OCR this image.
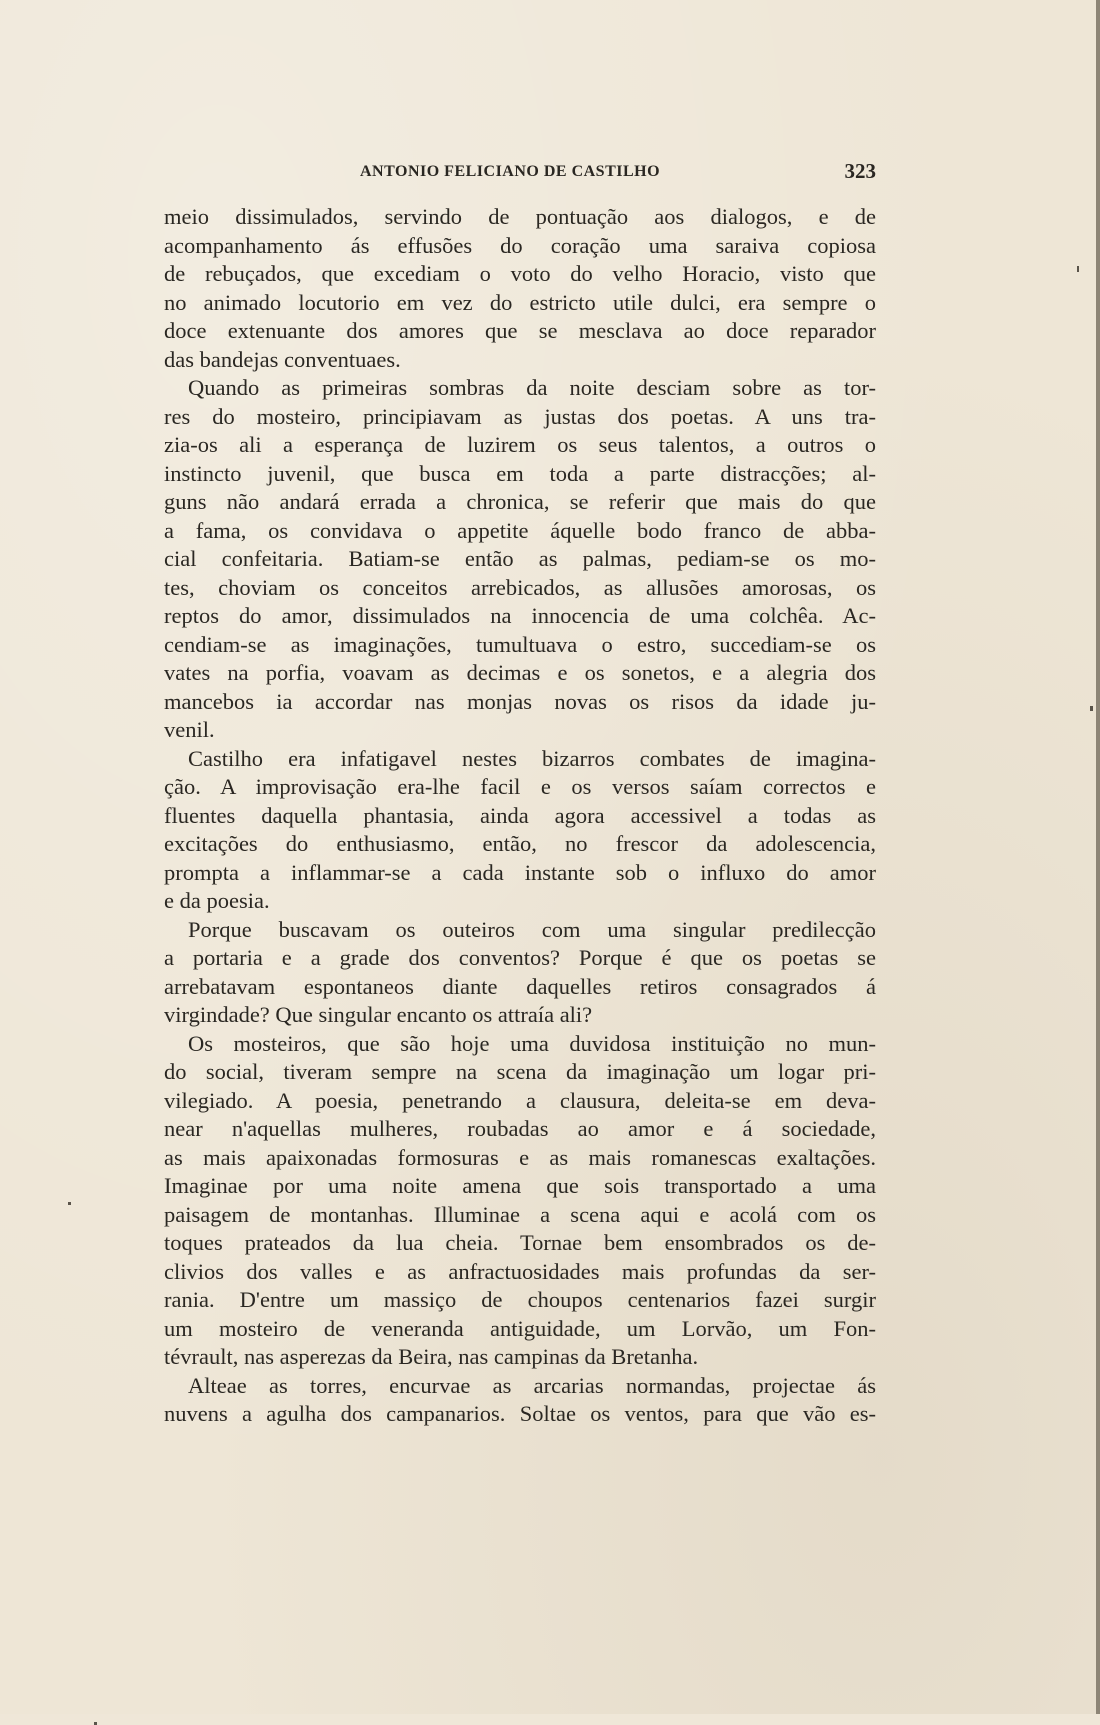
ANTONIO FELICIANO DE CASTILHO	323
meio dissimulados, servindo de pontuação aos dialogos, e de
acompanhamento ás effusões do coração uma saraiva copiosa
de rebuçados, que excediam o voto do velho Horacio, visto que
no animado locutorio em vez do estricto utile dulci, era sempre o
doce extenuante dos amores que se mesclava ao doce reparador
das bandejas conventuaes.
Quando as primeiras sombras da noite desciam sobre as tor-
res do mosteiro, principiavam as justas dos poetas. A uns tra-
zia-os ali a esperança de luzirem os seus talentos, a outros o
instincto juvenil, que busca em toda a parte distracções; al-
guns não andará errada a chronica, se referir que mais do que
a fama, os convidava o appetite áquelle bodo franco de abba-
cial confeitaria. Batiam-se então as palmas, pediam-se os mo-
tes, choviam os conceitos arrebicados, as allusões amorosas, os
reptos do amor, dissimulados na innocencia de uma colchêa. Ac-
cendiam-se as imaginações, tumultuava o estro, succediam-se os
vates na porfia, voavam as decimas e os sonetos, e a alegria dos
mancebos ia accordar nas monjas novas os risos da idade ju-
venil.
Castilho era infatigavel nestes bizarros combates de imagina-
ção. A improvisação era-lhe facil e os versos saíam correctos e
fluentes daquella phantasia, ainda agora accessivel a todas as
excitações do enthusiasmo, então, no frescor da adolescencia,
prompta a inflammar-se a cada instante sob o influxo do amor
e da poesia.
Porque buscavam os outeiros com uma singular predilecção
a portaria e a grade dos conventos? Porque é que os poetas se
arrebatavam espontaneos diante daquelles retiros consagrados á
virgindade? Que singular encanto os attraía ali?
Os mosteiros, que são hoje uma duvidosa instituição no mun-
do social, tiveram sempre na scena da imaginação um logar pri-
vilegiado. A poesia, penetrando a clausura, deleita-se em deva-
near n'aquellas mulheres, roubadas ao amor e á sociedade,
as mais apaixonadas formosuras e as mais romanescas exaltações.
Imaginae por uma noite amena que sois transportado a uma
paisagem de montanhas. Illuminae a scena aqui e acolá com os
toques prateados da lua cheia. Tornae bem ensombrados os de-
clivios dos valles e as anfractuosidades mais profundas da ser-
rania. D'entre um massiço de choupos centenarios fazei surgir
um mosteiro de veneranda antiguidade, um Lorvão, um Fon-
tévrault, nas asperezas da Beira, nas campinas da Bretanha.
Alteae as torres, encurvae as arcarias normandas, projectae ás
nuvens a agulha dos campanarios. Soltae os ventos, para que vão es-
